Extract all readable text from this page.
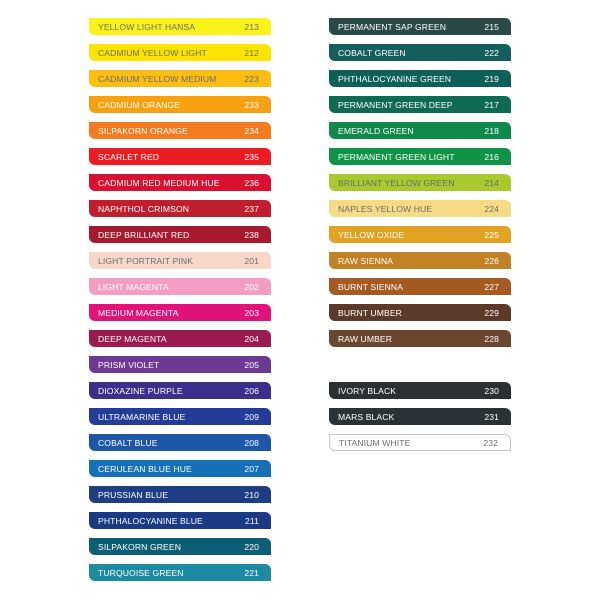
YELLOW LIGHT HANSA	213
CADMIUM YELLOW LIGHT	212
CADMIUM YELLOW MEDIUM	223
CADMIUM ORANGE	233
SILPAKORN ORANGE	234
SCARLET RED	235
CADMIUM RED MEDIUM HUE	236
NAPHTHOL CRIMSON	237
DEEP BRILLIANT RED	238
LIGHT PORTRAIT PINK	201
LIGHT MAGENTA	202
MEDIUM MAGENTA	203
DEEP MAGENTA	204
PRISM VIOLET	205
DIOXAZINE PURPLE	206
ULTRAMARINE BLUE	209
COBALT BLUE	208
CERULEAN BLUE HUE	207
PRUSSIAN BLUE	210
PHTHALOCYANINE BLUE	211
SILPAKORN GREEN	220
TURQUOISE GREEN	221
PERMANENT SAP GREEN	215
COBALT GREEN	222
PHTHALOCYANINE GREEN	219
PERMANENT GREEN DEEP	217
EMERALD GREEN	218
PERMANENT GREEN LIGHT	216
BRILLIANT YELLOW GREEN	214
NAPLES YELLOW HUE	224
YELLOW OXIDE	225
RAW SIENNA	226
BURNT SIENNA	227
BURNT UMBER	229
RAW UMBER	228
IVORY BLACK	230
MARS BLACK	231
TITANIUM WHITE	232
